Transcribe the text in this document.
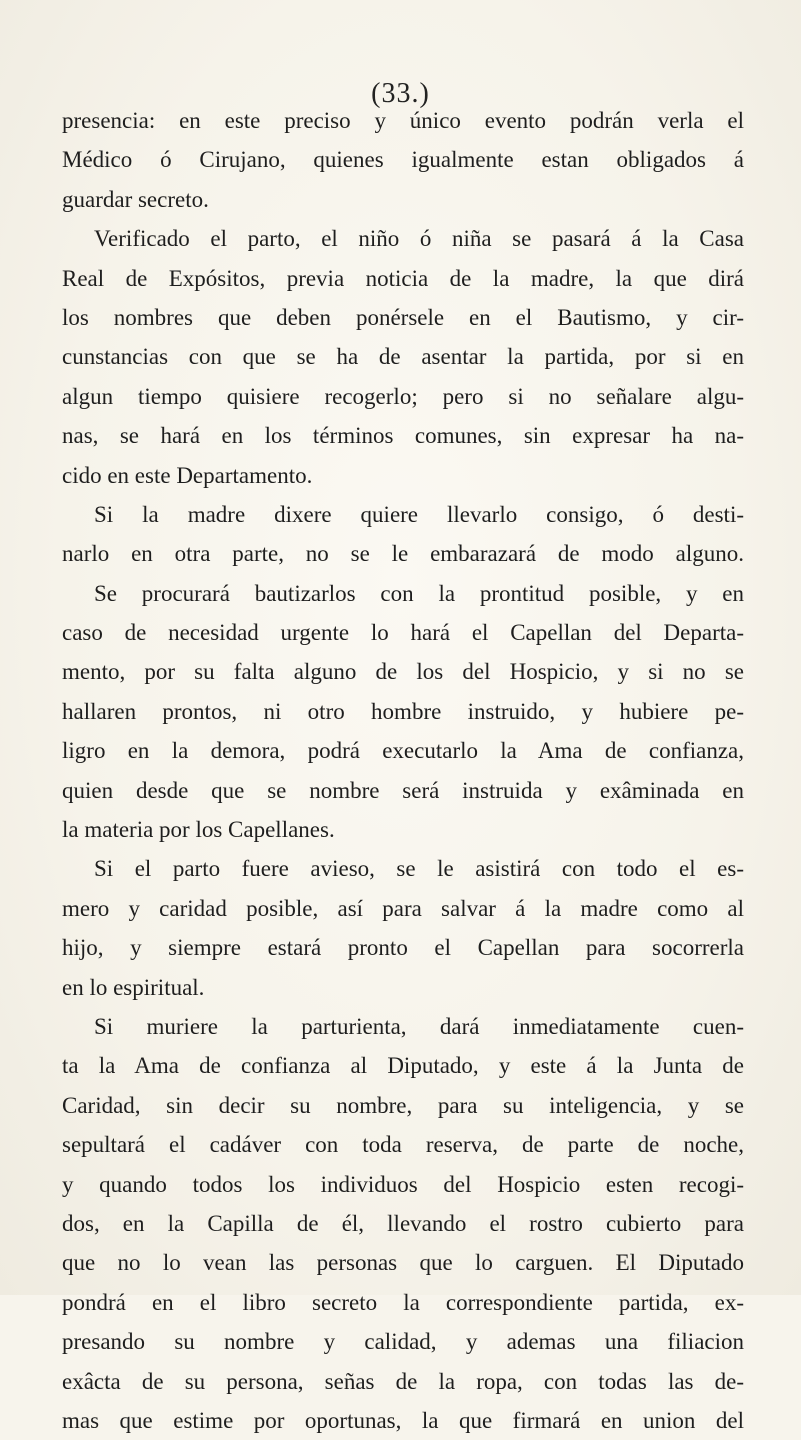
(33.)
presencia: en este preciso y único evento podrán verla el
Médico ó Cirujano, quienes igualmente estan obligados á
guardar secreto.
Verificado el parto, el niño ó niña se pasará á la Casa
Real de Expósitos, previa noticia de la madre, la que dirá
los nombres que deben ponérsele en el Bautismo, y cir-
cunstancias con que se ha de asentar la partida, por si en
algun tiempo quisiere recogerlo; pero si no señalare algu-
nas, se hará en los términos comunes, sin expresar ha na-
cido en este Departamento.
Si la madre dixere quiere llevarlo consigo, ó desti-
narlo en otra parte, no se le embarazará de modo alguno.
Se procurará bautizarlos con la prontitud posible, y en
caso de necesidad urgente lo hará el Capellan del Departa-
mento, por su falta alguno de los del Hospicio, y si no se
hallaren prontos, ni otro hombre instruido, y hubiere pe-
ligro en la demora, podrá executarlo la Ama de confianza,
quien desde que se nombre será instruida y exâminada en
la materia por los Capellanes.
Si el parto fuere avieso, se le asistirá con todo el es-
mero y caridad posible, así para salvar á la madre como al
hijo, y siempre estará pronto el Capellan para socorrerla
en lo espiritual.
Si muriere la parturienta, dará inmediatamente cuen-
ta la Ama de confianza al Diputado, y este á la Junta de
Caridad, sin decir su nombre, para su inteligencia, y se
sepultará el cadáver con toda reserva, de parte de noche,
y quando todos los individuos del Hospicio esten recogi-
dos, en la Capilla de él, llevando el rostro cubierto para
que no lo vean las personas que lo carguen. El Diputado
pondrá en el libro secreto la correspondiente partida, ex-
presando su nombre y calidad, y ademas una filiacion
exâcta de su persona, señas de la ropa, con todas las de-
mas que estime por oportunas, la que firmará en union del
